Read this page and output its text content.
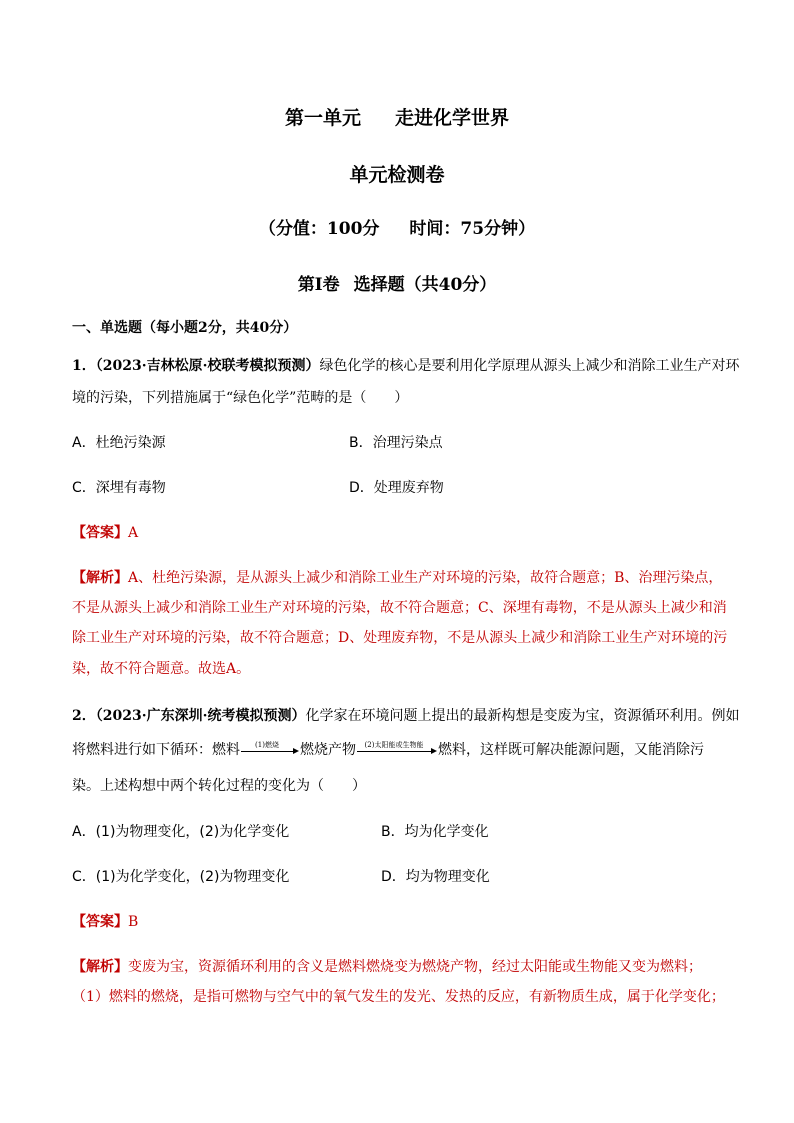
第一单元 走进化学世界
单元检测卷
（分值：100分 时间：75分钟）
第I卷 选择题（共40分）
一、单选题（每小题2分，共40分）
1．（2023·吉林松原·校联考模拟预测）绿色化学的核心是要利用化学原理从源头上减少和消除工业生产对环
境的污染，下列措施属于“绿色化学”范畴的是（　　）
A．杜绝污染源	B．治理污染点
C．深埋有毒物	D．处理废弃物
【答案】A
【解析】A、杜绝污染源，是从源头上减少和消除工业生产对环境的污染，故符合题意；B、治理污染点，
不是从源头上减少和消除工业生产对环境的污染，故不符合题意；C、深埋有毒物，不是从源头上减少和消
除工业生产对环境的污染，故不符合题意；D、处理废弃物，不是从源头上减少和消除工业生产对环境的污
染，故不符合题意。故选A。
2．（2023·广东深圳·统考模拟预测）化学家在环境问题上提出的最新构想是变废为宝，资源循环利用。例如
将燃料进行如下循环：燃料	(1)燃烧	燃烧产物	(2)太阳能或生物能	燃料，这样既可解决能源问题，又能消除污
染。上述构想中两个转化过程的变化为（　　）
A．(1)为物理变化，(2)为化学变化	B．均为化学变化
C．(1)为化学变化，(2)为物理变化	D．均为物理变化
【答案】B
【解析】变废为宝，资源循环利用的含义是燃料燃烧变为燃烧产物，经过太阳能或生物能又变为燃料；
（1）燃料的燃烧，是指可燃物与空气中的氧气发生的发光、发热的反应，有新物质生成，属于化学变化；
